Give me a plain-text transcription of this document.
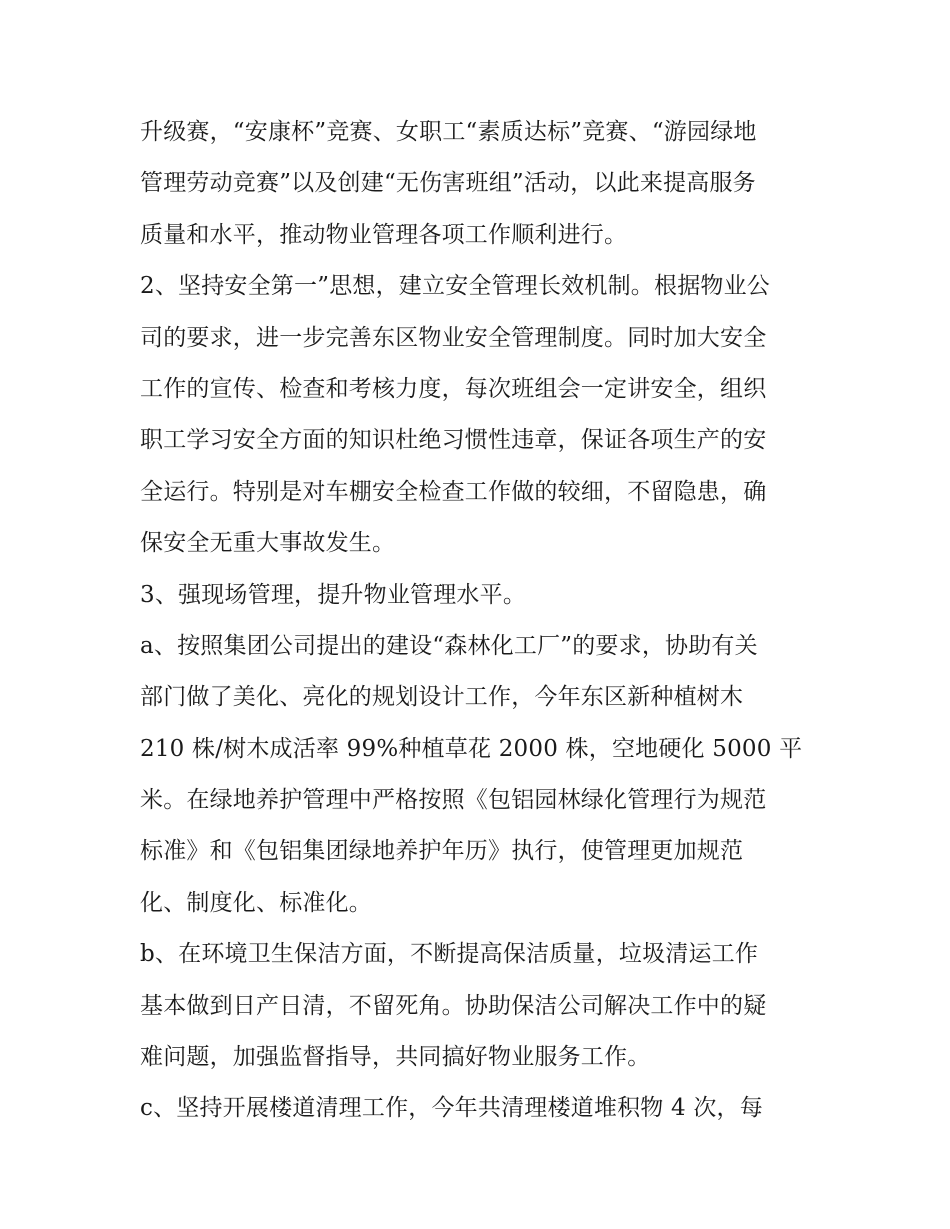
升级赛，“安康杯”竞赛、女职工“素质达标”竞赛、“游园绿地
管理劳动竞赛”以及创建“无伤害班组”活动，以此来提高服务
质量和水平，推动物业管理各项工作顺利进行。
2、坚持安全第一”思想，建立安全管理长效机制。根据物业公
司的要求，进一步完善东区物业安全管理制度。同时加大安全
工作的宣传、检查和考核力度，每次班组会一定讲安全，组织
职工学习安全方面的知识杜绝习惯性违章，保证各项生产的安
全运行。特别是对车棚安全检查工作做的较细，不留隐患，确
保安全无重大事故发生。
3、强现场管理，提升物业管理水平。
a、按照集团公司提出的建设“森林化工厂”的要求，协助有关
部门做了美化、亮化的规划设计工作，今年东区新种植树木
210 株/树木成活率 99%种植草花 2000 株，空地硬化 5000 平
米。在绿地养护管理中严格按照《包铝园林绿化管理行为规范
标准》和《包铝集团绿地养护年历》执行，使管理更加规范
化、制度化、标准化。
b、在环境卫生保洁方面，不断提高保洁质量，垃圾清运工作
基本做到日产日清，不留死角。协助保洁公司解决工作中的疑
难问题，加强监督指导，共同搞好物业服务工作。
c、坚持开展楼道清理工作，今年共清理楼道堆积物 4 次，每
